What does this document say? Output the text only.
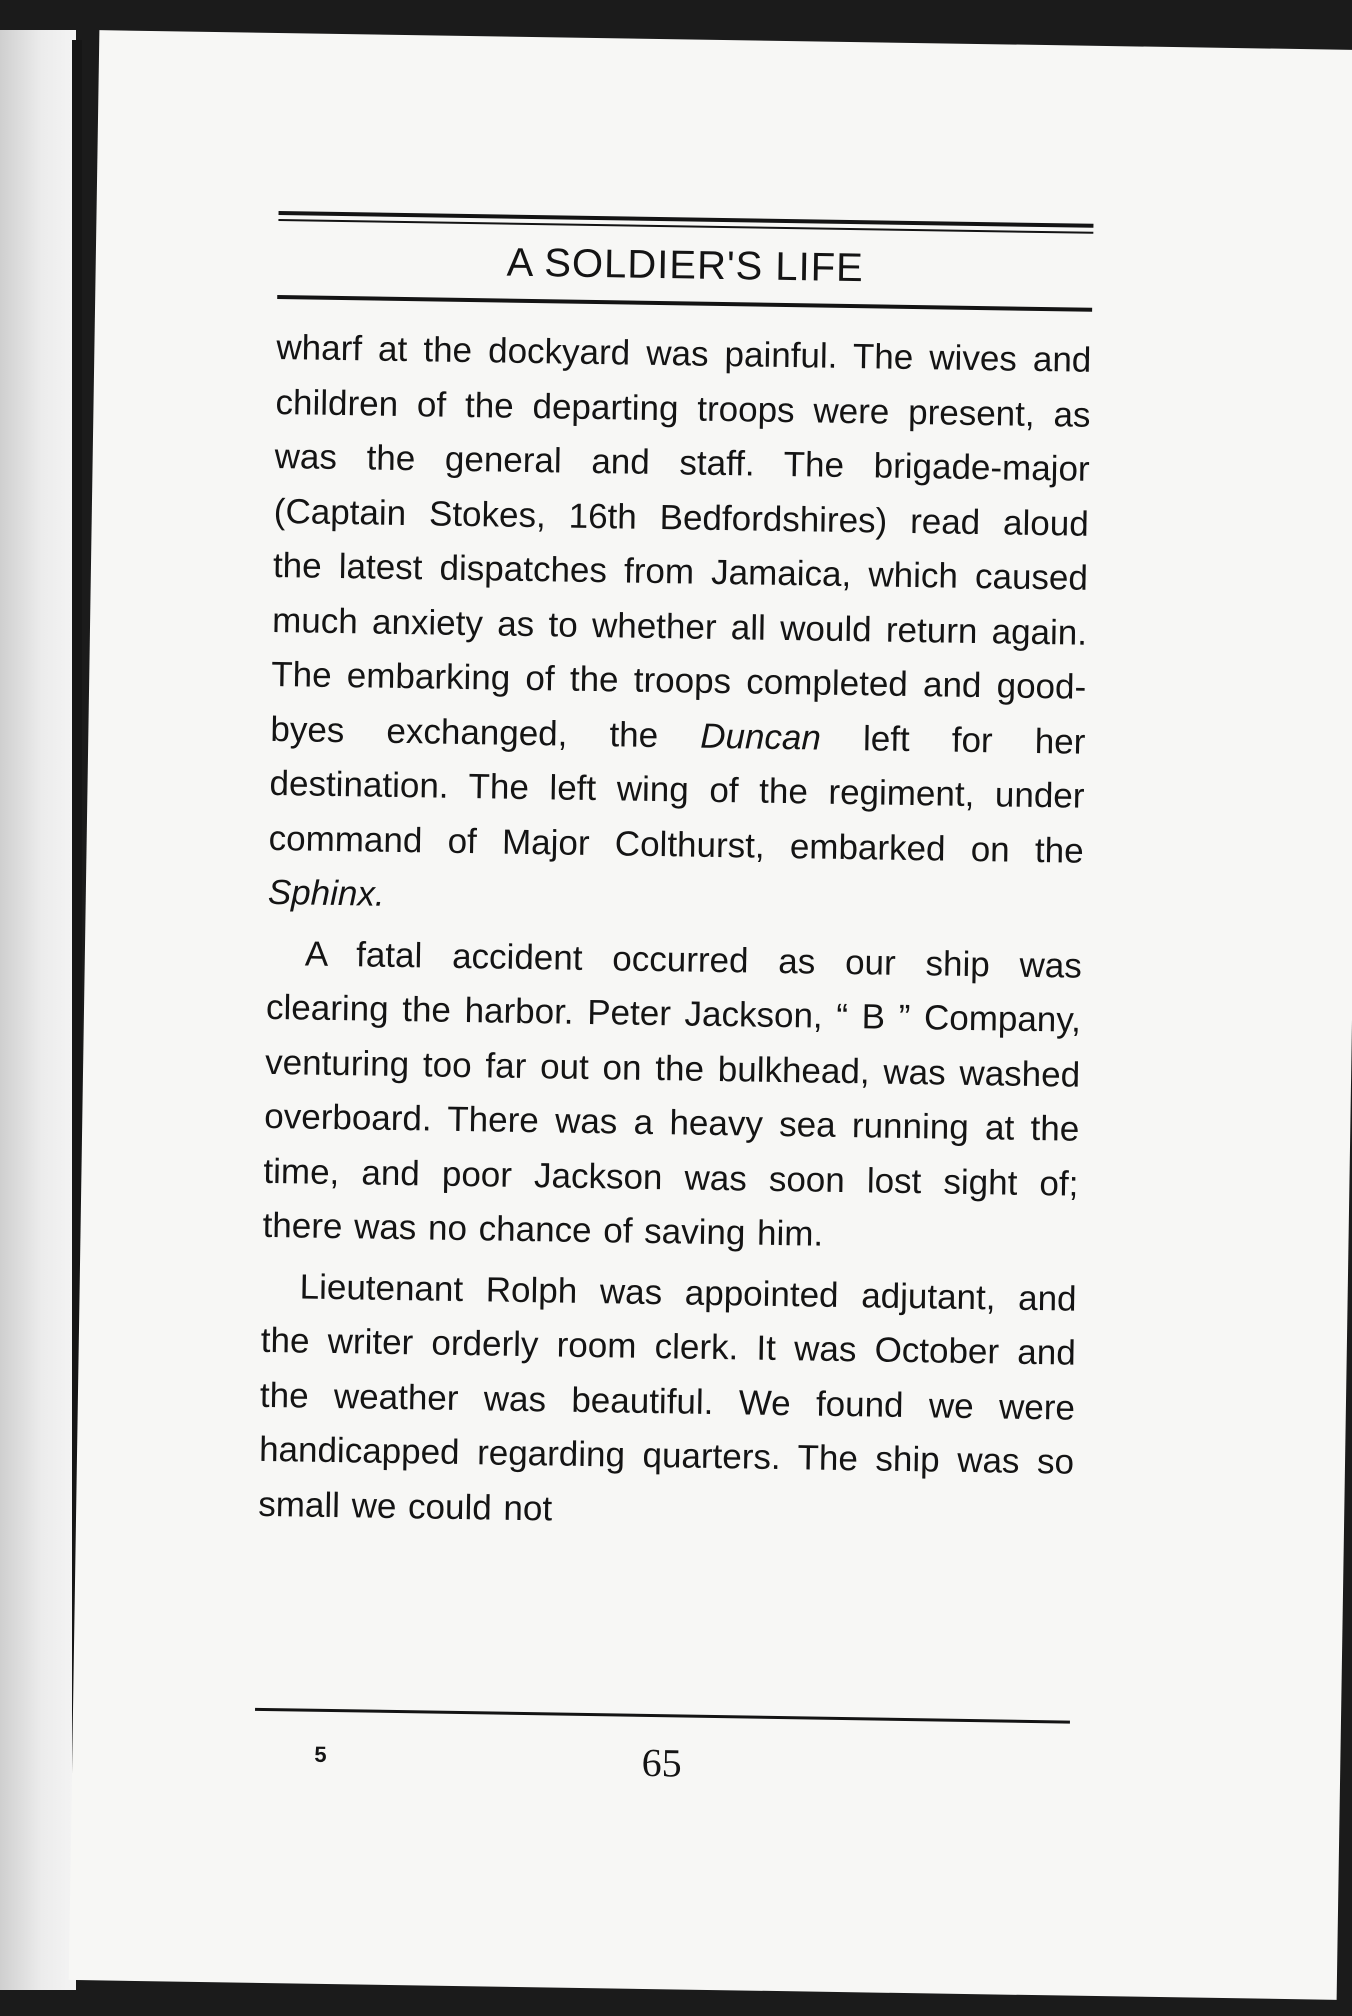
A SOLDIER'S LIFE

wharf at the dockyard was painful. The wives and children of the departing troops were present, as was the general and staff. The brigade-major (Captain Stokes, 16th Bedfordshires) read aloud the latest dispatches from Jamaica, which caused much anxiety as to whether all would return again. The embarking of the troops completed and good-byes exchanged, the Duncan left for her destination. The left wing of the regiment, under command of Major Colthurst, embarked on the Sphinx.

A fatal accident occurred as our ship was clearing the harbor. Peter Jackson, “ B ” Company, venturing too far out on the bulkhead, was washed overboard. There was a heavy sea running at the time, and poor Jackson was soon lost sight of; there was no chance of saving him.

Lieutenant Rolph was appointed adjutant, and the writer orderly room clerk. It was October and the weather was beautiful. We found we were handicapped regarding quarters. The ship was so small we could not

5	65
